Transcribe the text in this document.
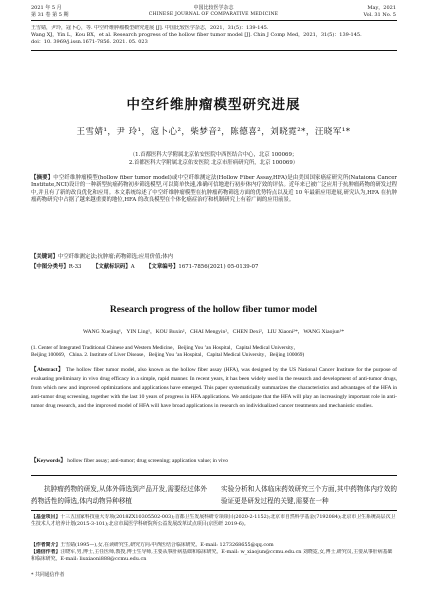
2021 年 5 月
第 31 卷 第 5 期
中国比较医学杂志
CHINESE JOURNAL OF COMPARATIVE MEDICINE
May，2021
Vol. 31 No. 5
王雪婧，尹玲，寇卜心，等. 中空纤维肿瘤模型研究进展 [J]. 中国比较医学杂志，2021，31(5)：139-145.
Wang XJ，Yin L，Kou BX，et al. Research progress of the hollow fiber tumor model [J]. Chin J Comp Med，2021，31(5)：139-145.
doi：10. 3969/j.issn.1671-7856. 2021. 05. 023
中空纤维肿瘤模型研究进展
王雪婧¹，尹 玲¹，寇卜心²，柴梦音²，陈德喜²，刘晓霓²*，汪晓军¹*
（1.首都医科大学附属北京佑安医院中西医结合中心，北京 100069；
2.首都医科大学附属北京佑安医院 北京市肝病研究所，北京 100069）
【摘要】中空纤维肿瘤模型(hollow fiber tumor model)或中空纤维测定法(Hollow Fiber Assay,HFA)是由美国国家癌症研究所(Nataiona Cancer Institute,NCI)设计的一种新型抗癌药物初步筛选模型,可以简单快速,准确可信地进行初步体内疗效的评估。近年来已被广泛应用于抗肿瘤药物的研发过程中,并且有了新的改良优化和应用。本文系统综述了中空纤维肿瘤模型在抗肿瘤药物筛选方面的优势特点以及近 10 年最新应用进展,研究认为,HFA 在抗肿瘤药物研究中占据了越来越重要的地位,HFA 的改良模型在个体化癌症治疗和机制研究上有着广阔的应用前景。
【关键词】中空纤维测定法;抗肿瘤;药物筛选;应用价值;体内
【中图分类号】R-33 【文献标识码】A 【文章编号】1671-7856(2021) 05-0139-07
Research progress of the hollow fiber tumor model
WANG Xuejing¹，YIN Ling¹，KOU Buxin²，CHAI Mengyin²，CHEN Dexi²，LIU Xiaoni²*，WANG Xiaojun¹*
(1. Center of Integrated Traditional Chinese and Western Medicine，Beijing You ’an Hospital，Capital Medical University，
Beijing 100069，China. 2. Institute of Liver Disease，Beijing You ’an Hospital，Capital Medical University，Beijing 100069)
【Abstract】 The hollow fiber tumor model, also known as the hollow fiber assay (HFA), was designed by the US National Cancer Institute for the purpose of evaluating preliminary in vivo drug efficacy in a simple, rapid manner. In recent years, it has been widely used in the research and development of anti-tumor drugs, from which new and improved optimizations and applications have emerged. This paper systematically summarizes the characteristics and advantages of the HFA in anti-tumor drug screening, together with the last 10 years of progress in HFA applications. We anticipate that the HFA will play an increasingly important role in anti-tumor drug research, and the improved model of HFA will have broad applications in research on individualized cancer treatments and mechanistic studies.
【Keywords】 hollow fiber assay; anti-tumor; drug screening; application value; in vivo
抗肿瘤药物的研发,从体外筛选到产品开发,需要经过体外药物活性的筛选,体内动物异种移植
实验分析和人体临床药效研究三个方面,其中药物体内疗效的验证更是研发过程的关键,需要在一种
【基金项目】十三五国家科技重大专项(2018ZX10305502-003);首都卫生发展科研专项项目(2020-2-1152);北京市自然科学基金(7192084);北京市卫生系统高层次卫生技术人才培养计划(2015-3-101);北京市属医学科研院所公益发展改革试点项目(京医研 2019-6)。
【作者简介】王雪婧(1995—),女,在读研究生,研究方向:中西医结合临床研究。E-mail: 1273268655@qq.com
【通信作者】汪晓军,男,博士,主任医师,教授,博士生导师,主要从事肝病基础和临床研究。E-mail: w_xiaojun@ccmu.edu.cn 刘晓霓,女,博士,研究员,主要从事肝病基础和临床研究。E-mail: liuxiaoni888@ccmu.edu.cn
* 共同通信作者
